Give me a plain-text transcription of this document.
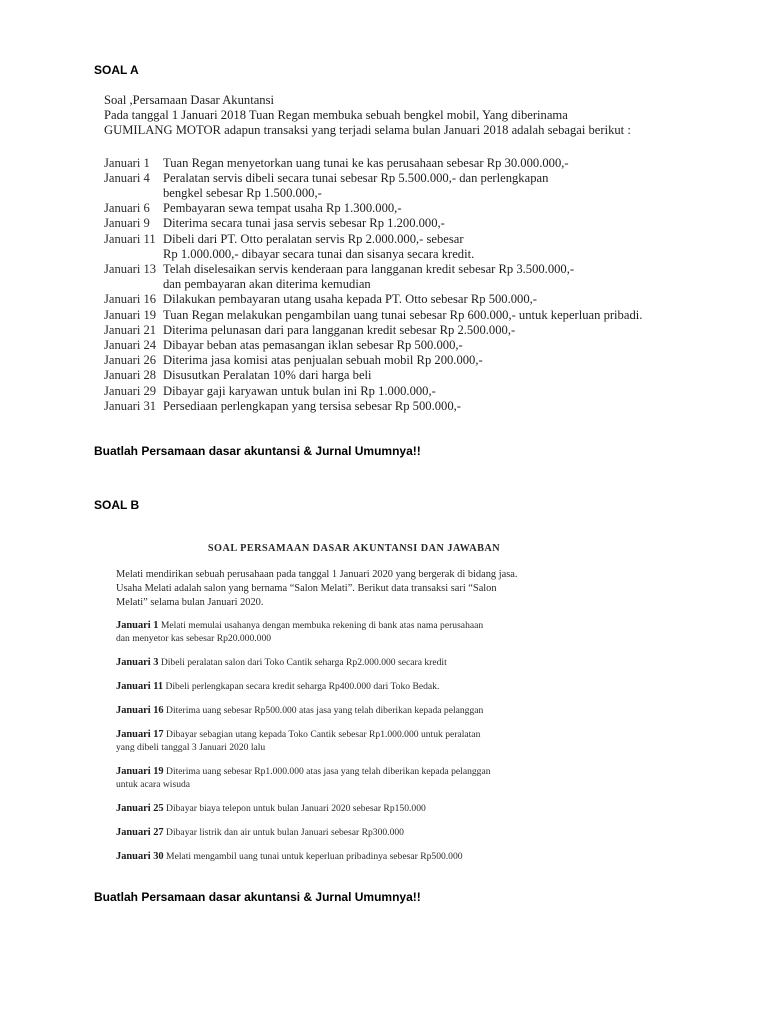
SOAL A
Soal ,Persamaan Dasar Akuntansi
Pada tanggal 1 Januari 2018 Tuan Regan membuka sebuah bengkel mobil, Yang diberinama
GUMILANG MOTOR adapun transaksi yang terjadi selama bulan Januari 2018 adalah sebagai berikut :
Januari 1	Tuan Regan menyetorkan uang tunai ke kas perusahaan sebesar Rp 30.000.000,-
Januari 4	Peralatan servis dibeli secara tunai sebesar Rp 5.500.000,- dan perlengkapan
bengkel sebesar Rp 1.500.000,-
Januari 6	Pembayaran sewa tempat usaha Rp 1.300.000,-
Januari 9	Diterima secara tunai jasa servis sebesar Rp 1.200.000,-
Januari 11 Dibeli dari PT. Otto peralatan servis Rp 2.000.000,- sebesar
Rp 1.000.000,- dibayar secara tunai dan sisanya secara kredit.
Januari 13 Telah diselesaikan servis kenderaan para langganan kredit sebesar Rp 3.500.000,-
dan pembayaran akan diterima kemudian
Januari 16 Dilakukan pembayaran utang usaha kepada PT. Otto sebesar Rp 500.000,-
Januari 19 Tuan Regan melakukan pengambilan uang tunai sebesar Rp 600.000,- untuk keperluan pribadi.
Januari 21 Diterima pelunasan dari para langganan kredit sebesar Rp 2.500.000,-
Januari 24 Dibayar beban atas pemasangan iklan sebesar Rp 500.000,-
Januari 26 Diterima jasa komisi atas penjualan sebuah mobil Rp 200.000,-
Januari 28 Disusutkan Peralatan 10% dari harga beli
Januari 29 Dibayar gaji karyawan untuk bulan ini Rp 1.000.000,-
Januari 31 Persediaan perlengkapan yang tersisa sebesar Rp 500.000,-
Buatlah Persamaan dasar akuntansi & Jurnal Umumnya!!
SOAL B
SOAL PERSAMAAN DASAR AKUNTANSI DAN JAWABAN
Melati mendirikan sebuah perusahaan pada tanggal 1 Januari 2020 yang bergerak di bidang jasa.
Usaha Melati adalah salon yang bernama “Salon Melati”. Berikut data transaksi sari “Salon
Melati” selama bulan Januari 2020.
Januari 1 Melati memulai usahanya dengan membuka rekening di bank atas nama perusahaan
dan menyetor kas sebesar Rp20.000.000
Januari 3 Dibeli peralatan salon dari Toko Cantik seharga Rp2.000.000 secara kredit
Januari 11 Dibeli perlengkapan secara kredit seharga Rp400.000 dari Toko Bedak.
Januari 16 Diterima uang sebesar Rp500.000 atas jasa yang telah diberikan kepada pelanggan
Januari 17 Dibayar sebagian utang kepada Toko Cantik sebesar Rp1.000.000 untuk peralatan
yang dibeli tanggal 3 Januari 2020 lalu
Januari 19 Diterima uang sebesar Rp1.000.000 atas jasa yang telah diberikan kepada pelanggan
untuk acara wisuda
Januari 25 Dibayar biaya telepon untuk bulan Januari 2020 sebesar Rp150.000
Januari 27 Dibayar listrik dan air untuk bulan Januari sebesar Rp300.000
Januari 30 Melati mengambil uang tunai untuk keperluan pribadinya sebesar Rp500.000
Buatlah Persamaan dasar akuntansi & Jurnal Umumnya!!
